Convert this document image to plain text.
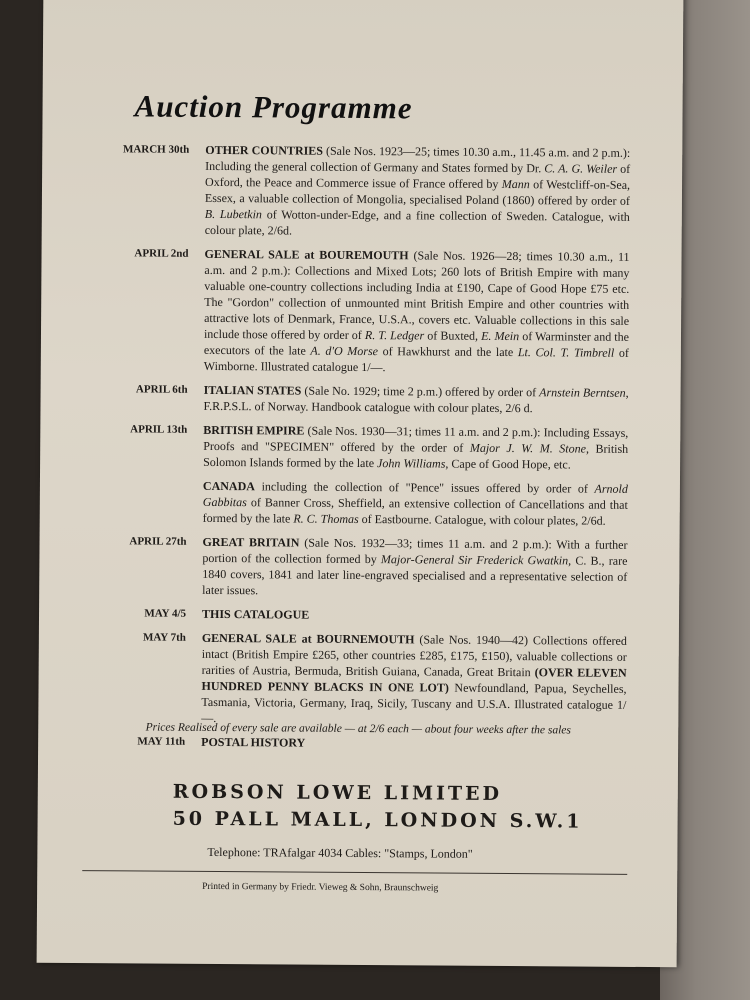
Auction Programme
MARCH 30th	OTHER COUNTRIES (Sale Nos. 1923—25; times 10.30 a.m., 11.45 a.m. and 2 p.m.): Including the general collection of Germany and States formed by Dr. C. A. G. Weiler of Oxford, the Peace and Commerce issue of France offered by Mann of Westcliff-on-Sea, Essex, a valuable collection of Mongolia, specialised Poland (1860) offered by order of B. Lubetkin of Wotton-under-Edge, and a fine collection of Sweden. Catalogue, with colour plate, 2/6d.
APRIL 2nd	GENERAL SALE at BOUREMOUTH (Sale Nos. 1926—28; times 10.30 a.m., 11 a.m. and 2 p.m.): Collections and Mixed Lots; 260 lots of British Empire with many valuable one-country collections including India at £190, Cape of Good Hope £75 etc. The "Gordon" collection of unmounted mint British Empire and other countries with attractive lots of Denmark, France, U.S.A., covers etc. Valuable collections in this sale include those offered by order of R. T. Ledger of Buxted, E. Mein of Warminster and the executors of the late A. d'O Morse of Hawkhurst and the late Lt. Col. T. Timbrell of Wimborne. Illustrated catalogue 1/—.
APRIL 6th	ITALIAN STATES (Sale No. 1929; time 2 p.m.) offered by order of Arnstein Berntsen, F.R.P.S.L. of Norway. Handbook catalogue with colour plates, 2/6 d.
APRIL 13th	BRITISH EMPIRE (Sale Nos. 1930—31; times 11 a.m. and 2 p.m.): Including Essays, Proofs and "SPECIMEN" offered by the order of Major J. W. M. Stone, British Solomon Islands formed by the late John Williams, Cape of Good Hope, etc.
CANADA including the collection of "Pence" issues offered by order of Arnold Gabbitas of Banner Cross, Sheffield, an extensive collection of Cancellations and that formed by the late R. C. Thomas of Eastbourne. Catalogue, with colour plates, 2/6d.
APRIL 27th	GREAT BRITAIN (Sale Nos. 1932—33; times 11 a.m. and 2 p.m.): With a further portion of the collection formed by Major-General Sir Frederick Gwatkin, C. B., rare 1840 covers, 1841 and later line-engraved specialised and a representative selection of later issues.
MAY 4/5	THIS CATALOGUE
MAY 7th	GENERAL SALE at BOURNEMOUTH (Sale Nos. 1940—42) Collections offered intact (British Empire £265, other countries £285, £175, £150), valuable collections or rarities of Austria, Bermuda, British Guiana, Canada, Great Britain (OVER ELEVEN HUNDRED PENNY BLACKS IN ONE LOT) Newfoundland, Papua, Seychelles, Tasmania, Victoria, Germany, Iraq, Sicily, Tuscany and U.S.A. Illustrated catalogue 1/—.
MAY 11th	POSTAL HISTORY
Prices Realised of every sale are available — at 2/6 each — about four weeks after the sales
ROBSON LOWE LIMITED
50 PALL MALL, LONDON S.W.1
Telephone: TRAfalgar 4034 Cables: "Stamps, London"
Printed in Germany by Friedr. Vieweg & Sohn, Braunschweig
